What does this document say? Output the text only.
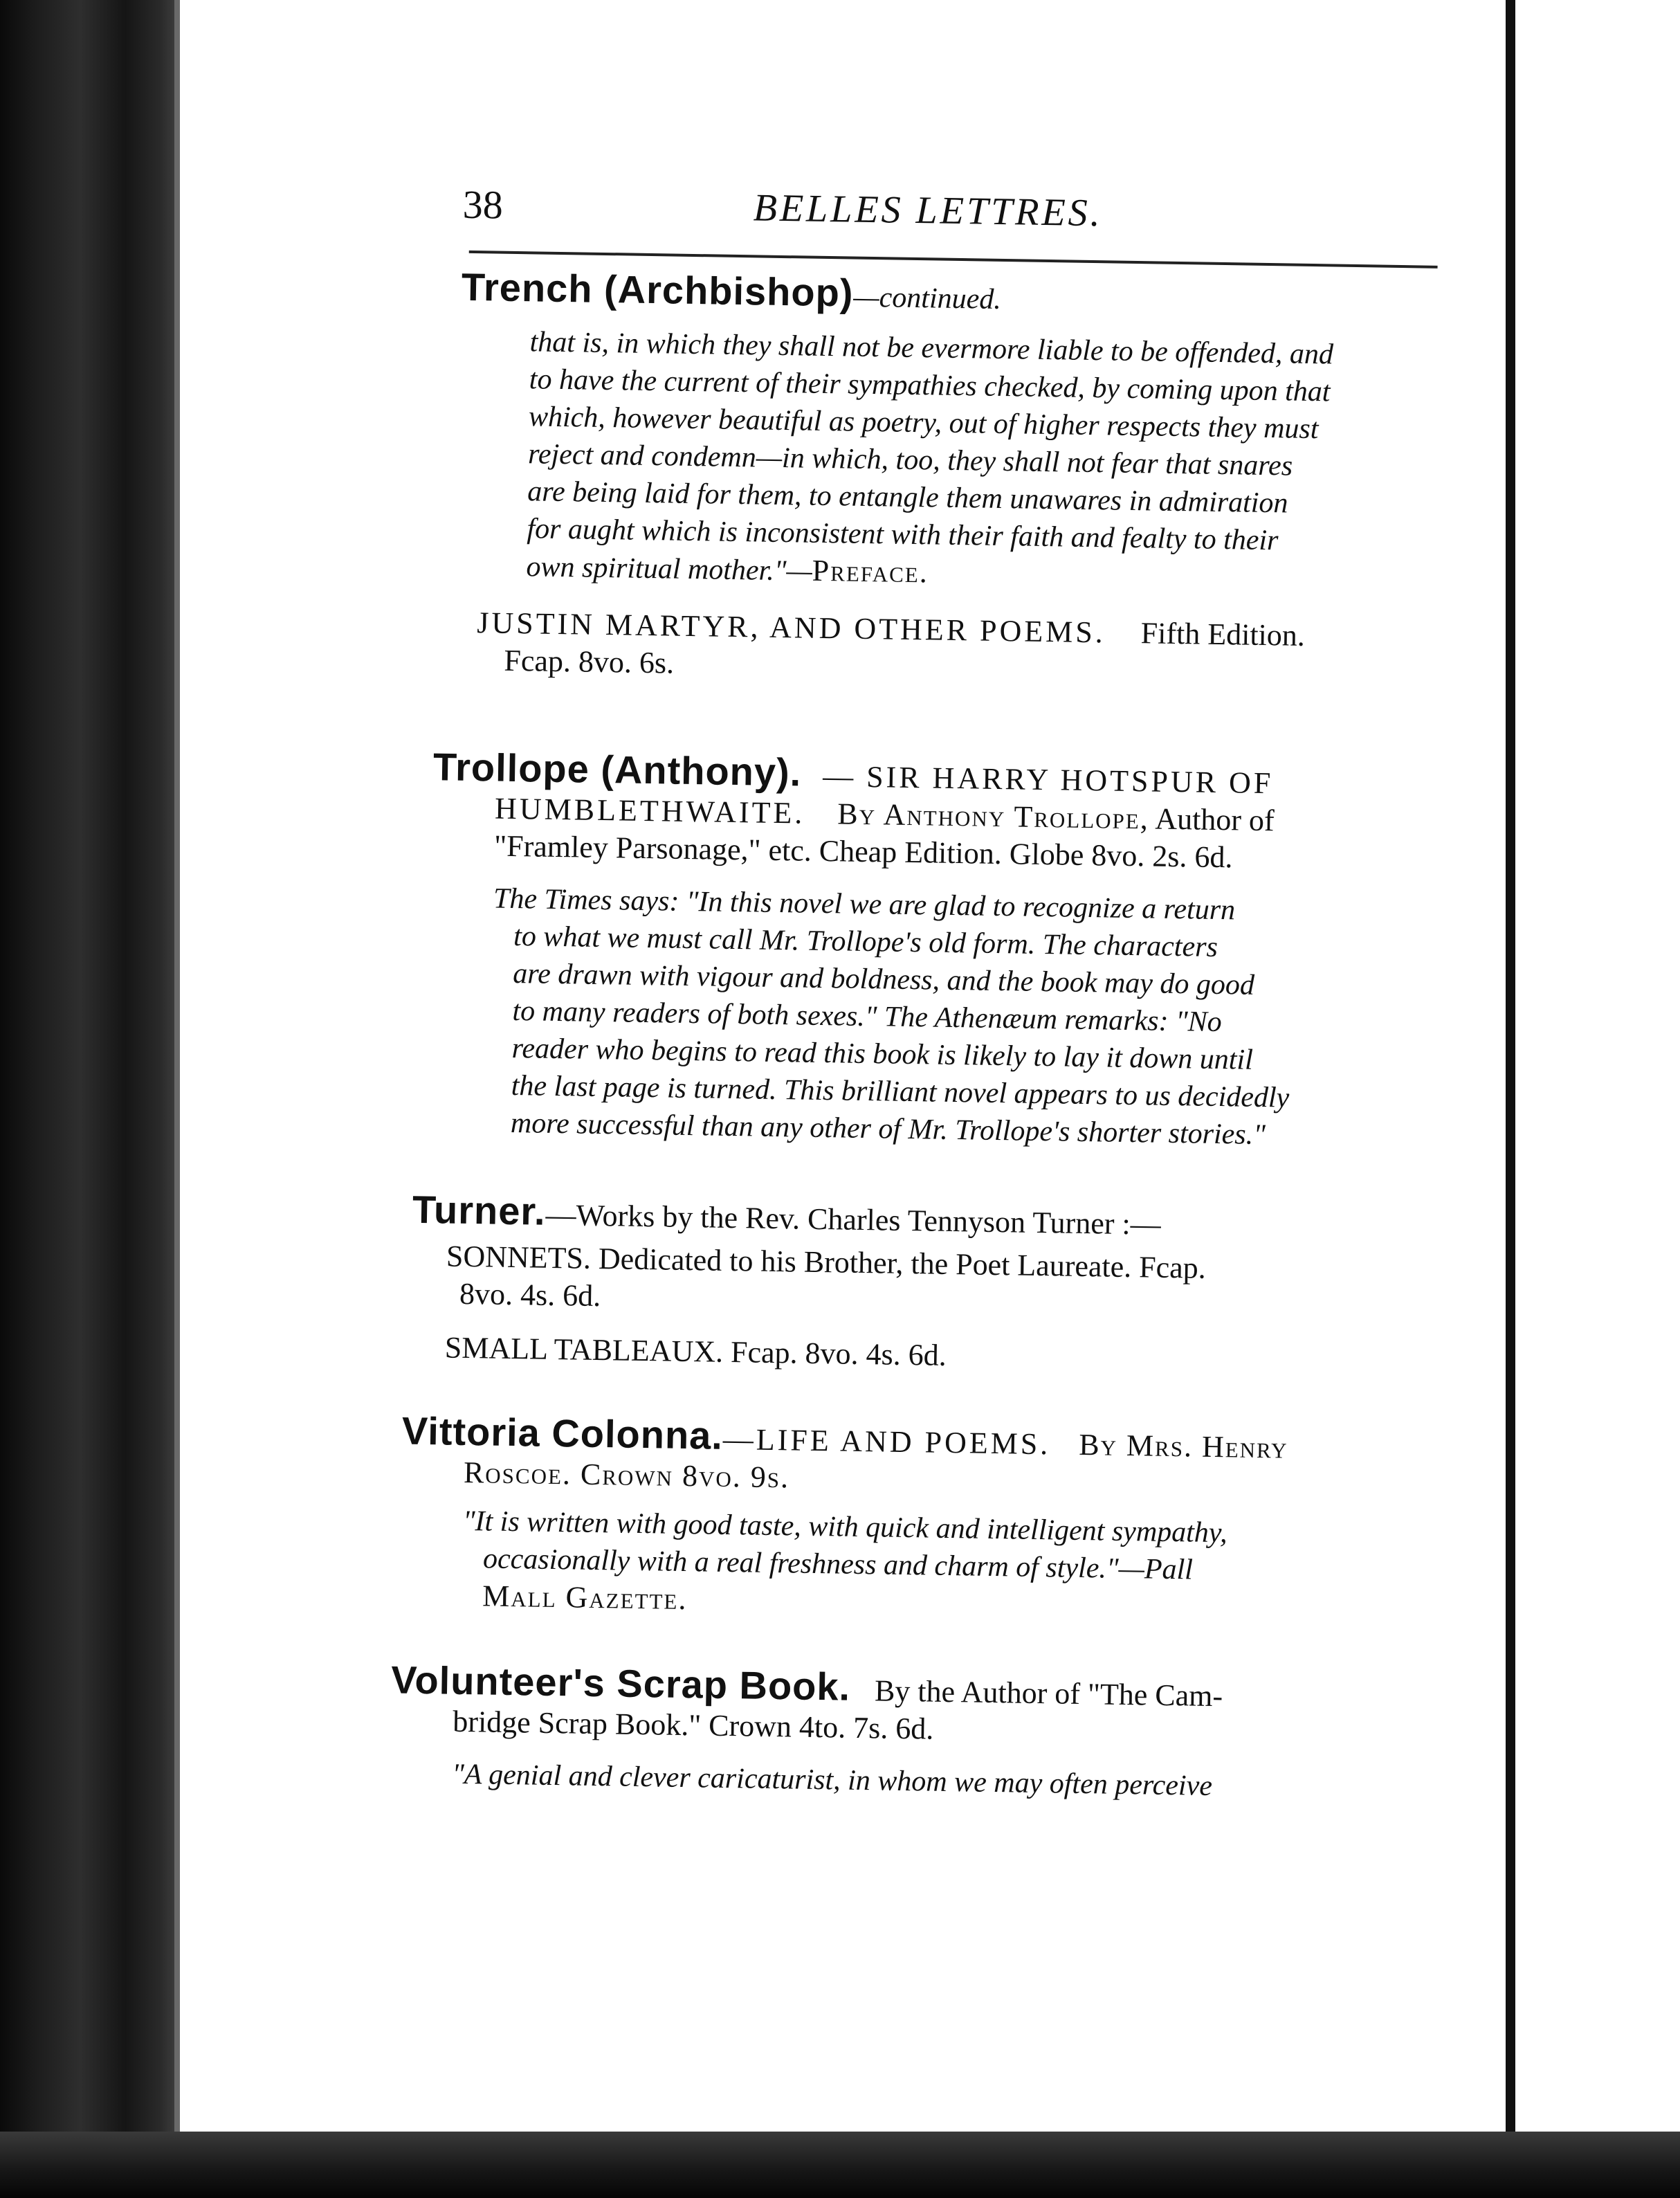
38	BELLES LETTRES.
Trench (Archbishop)—continued.
that is, in which they shall not be evermore liable to be offended, and
to have the current of their sympathies checked, by coming upon that
which, however beautiful as poetry, out of higher respects they must
reject and condemn—in which, too, they shall not fear that snares
are being laid for them, to entangle them unawares in admiration
for aught which is inconsistent with their faith and fealty to their
own spiritual mother."—Preface.
JUSTIN MARTYR, AND OTHER POEMS. Fifth Edition.
Fcap. 8vo. 6s.
Trollope (Anthony). — SIR HARRY HOTSPUR OF
HUMBLETHWAITE. By Anthony Trollope, Author of
"Framley Parsonage," etc. Cheap Edition. Globe 8vo. 2s. 6d.
The Times says: "In this novel we are glad to recognize a return
to what we must call Mr. Trollope's old form. The characters
are drawn with vigour and boldness, and the book may do good
to many readers of both sexes." The Athenæum remarks: "No
reader who begins to read this book is likely to lay it down until
the last page is turned. This brilliant novel appears to us decidedly
more successful than any other of Mr. Trollope's shorter stories."
Turner.—Works by the Rev. Charles Tennyson Turner :—
SONNETS. Dedicated to his Brother, the Poet Laureate. Fcap.
8vo. 4s. 6d.
SMALL TABLEAUX. Fcap. 8vo. 4s. 6d.
Vittoria Colonna.—LIFE AND POEMS. By Mrs. Henry
Roscoe. Crown 8vo. 9s.
"It is written with good taste, with quick and intelligent sympathy,
occasionally with a real freshness and charm of style."—Pall
Mall Gazette.
Volunteer's Scrap Book. By the Author of "The Cam-
bridge Scrap Book." Crown 4to. 7s. 6d.
"A genial and clever caricaturist, in whom we may often perceive
